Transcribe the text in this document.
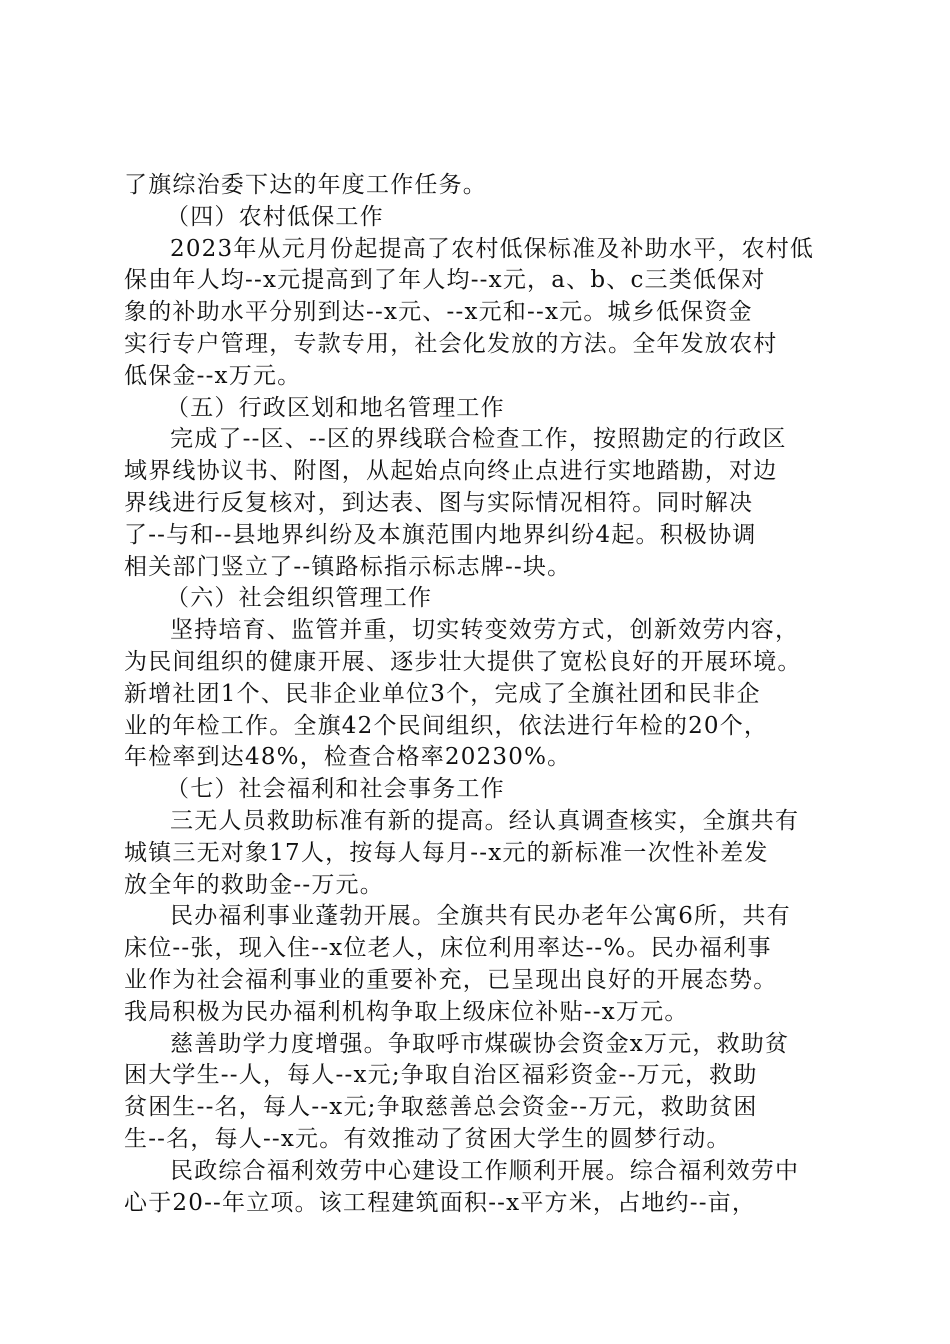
了旗综治委下达的年度工作任务。
（四）农村低保工作
2023年从元月份起提高了农村低保标准及补助水平，农村低
保由年人均--x元提高到了年人均--x元，a、b、c三类低保对
象的补助水平分别到达--x元、--x元和--x元。城乡低保资金
实行专户管理，专款专用，社会化发放的方法。全年发放农村
低保金--x万元。
（五）行政区划和地名管理工作
完成了--区、--区的界线联合检查工作，按照勘定的行政区
域界线协议书、附图，从起始点向终止点进行实地踏勘，对边
界线进行反复核对，到达表、图与实际情况相符。同时解决
了--与和--县地界纠纷及本旗范围内地界纠纷4起。积极协调
相关部门竖立了--镇路标指示标志牌--块。
（六）社会组织管理工作
坚持培育、监管并重，切实转变效劳方式，创新效劳内容，
为民间组织的健康开展、逐步壮大提供了宽松良好的开展环境。
新增社团1个、民非企业单位3个，完成了全旗社团和民非企
业的年检工作。全旗42个民间组织，依法进行年检的20个，
年检率到达48%，检查合格率20230%。
（七）社会福利和社会事务工作
三无人员救助标准有新的提高。经认真调查核实，全旗共有
城镇三无对象17人，按每人每月--x元的新标准一次性补差发
放全年的救助金--万元。
民办福利事业蓬勃开展。全旗共有民办老年公寓6所，共有
床位--张，现入住--x位老人，床位利用率达--%。民办福利事
业作为社会福利事业的重要补充，已呈现出良好的开展态势。
我局积极为民办福利机构争取上级床位补贴--x万元。
慈善助学力度增强。争取呼市煤碳协会资金x万元，救助贫
困大学生--人，每人--x元;争取自治区福彩资金--万元，救助
贫困生--名，每人--x元;争取慈善总会资金--万元，救助贫困
生--名，每人--x元。有效推动了贫困大学生的圆梦行动。
民政综合福利效劳中心建设工作顺利开展。综合福利效劳中
心于20--年立项。该工程建筑面积--x平方米，占地约--亩，
